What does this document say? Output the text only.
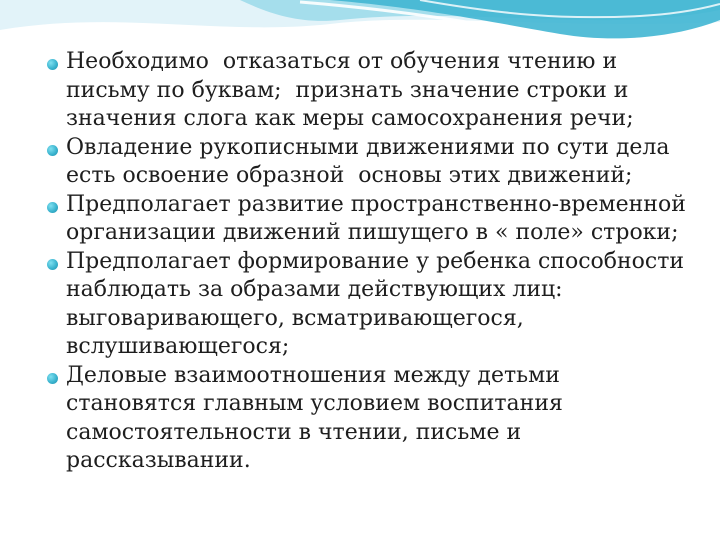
Необходимо  отказаться от обучения чтению и письму по буквам;  признать значение строки и значения слога как меры самосохранения речи;
Овладение рукописными движениями по сути дела есть освоение образной  основы этих движений;
Предполагает развитие пространственно-временной организации движений пишущего в « поле» строки;
Предполагает формирование у ребенка способности наблюдать за образами действующих лиц: выговаривающего, всматривающегося, вслушивающегося;
Деловые взаимоотношения между детьми становятся главным условием воспитания самостоятельности в чтении, письме и рассказывании.
